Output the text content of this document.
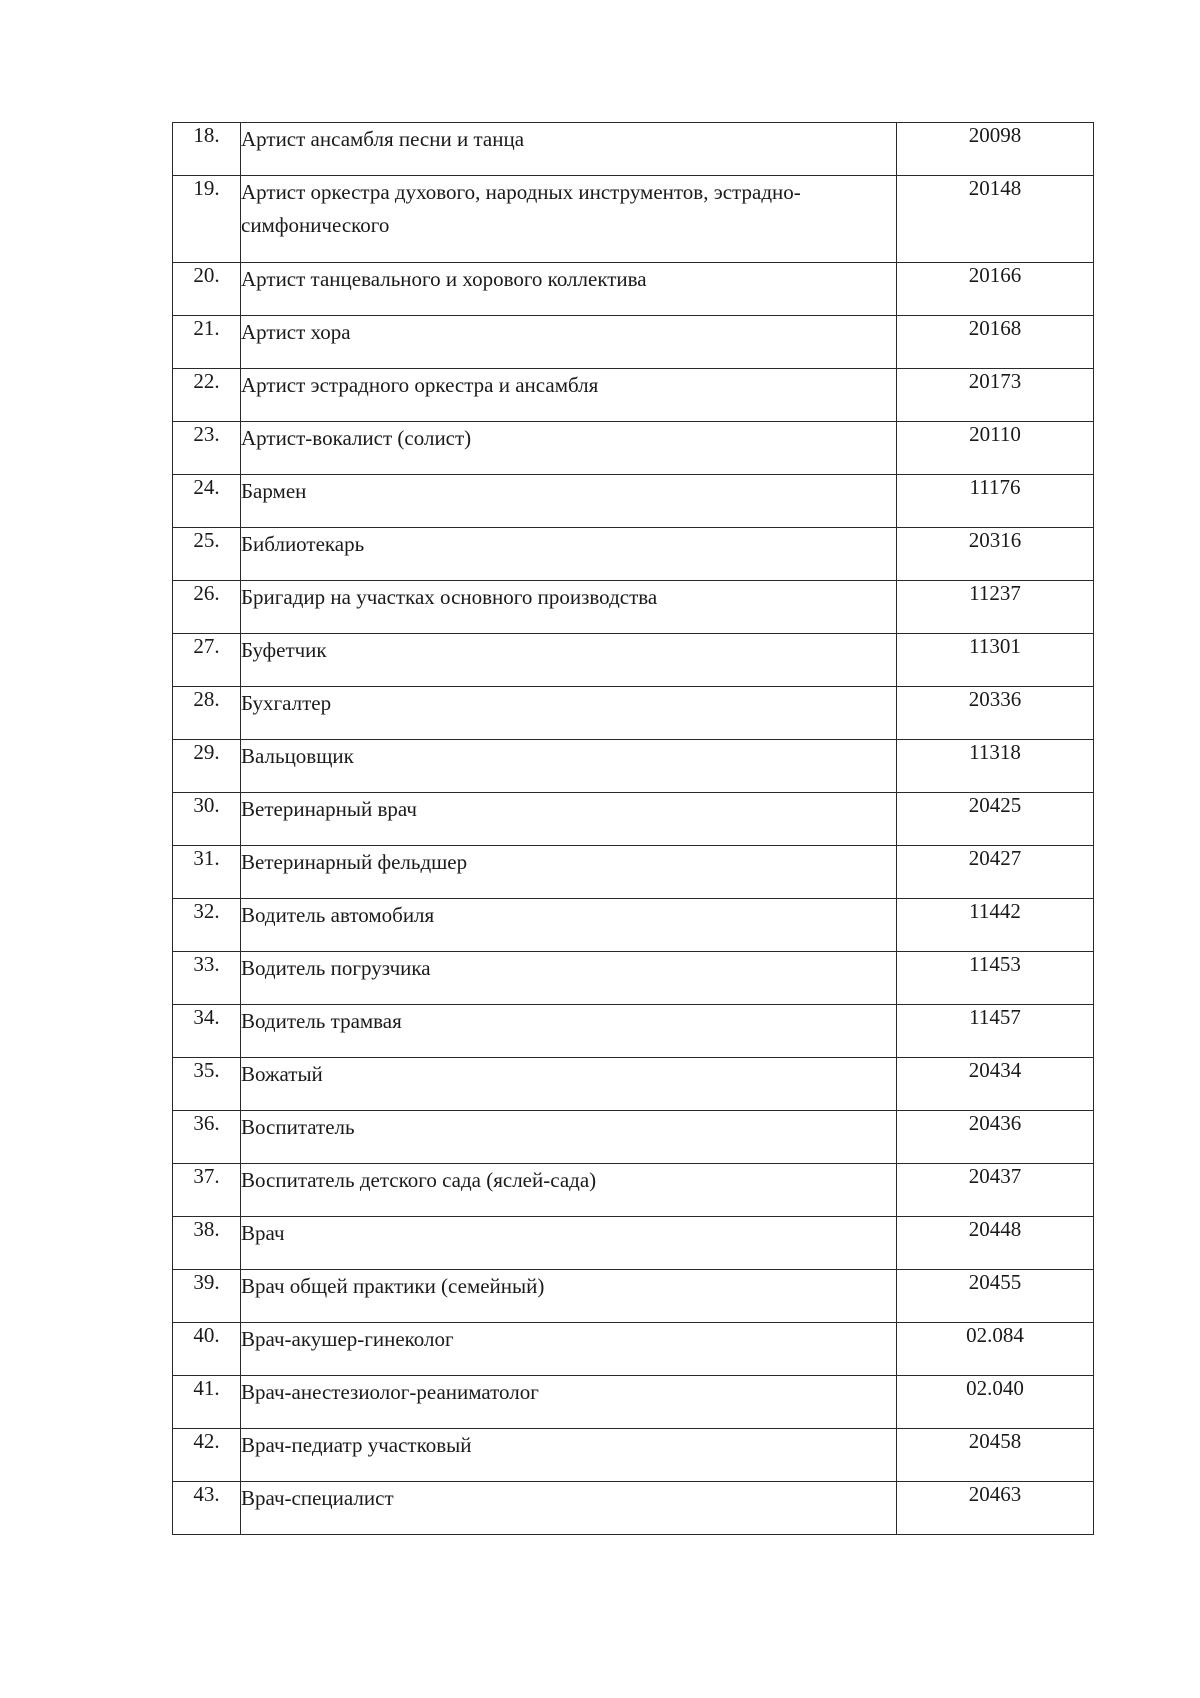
18.	Артист ансамбля песни и танца	20098
19.	Артист оркестра духового, народных инструментов, эстрадно-симфонического	20148
20.	Артист танцевального и хорового коллектива	20166
21.	Артист хора	20168
22.	Артист эстрадного оркестра и ансамбля	20173
23.	Артист-вокалист (солист)	20110
24.	Бармен	11176
25.	Библиотекарь	20316
26.	Бригадир на участках основного производства	11237
27.	Буфетчик	11301
28.	Бухгалтер	20336
29.	Вальцовщик	11318
30.	Ветеринарный врач	20425
31.	Ветеринарный фельдшер	20427
32.	Водитель автомобиля	11442
33.	Водитель погрузчика	11453
34.	Водитель трамвая	11457
35.	Вожатый	20434
36.	Воспитатель	20436
37.	Воспитатель детского сада (яслей-сада)	20437
38.	Врач	20448
39.	Врач общей практики (семейный)	20455
40.	Врач-акушер-гинеколог	02.084
41.	Врач-анестезиолог-реаниматолог	02.040
42.	Врач-педиатр участковый	20458
43.	Врач-специалист	20463
